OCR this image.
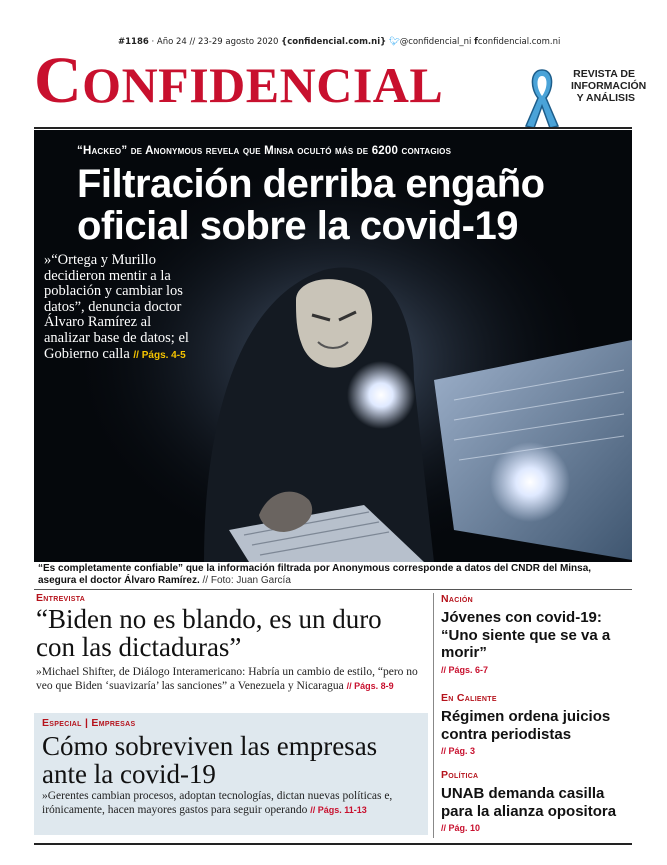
#1186 · Año 24 // 23-29 agosto 2020 {confidencial.com.ni} 🐦︎@confidencial_ni fconfidencial.com.ni
CONFIDENCIAL	REVISTA DE INFORMACIÓN Y ANÁLISIS
“Hackeo” de Anonymous revela que Minsa ocultó más de 6200 contagios
Filtración derriba engaño oficial sobre la covid-19
»“Ortega y Murillo decidieron mentir a la población y cambiar los datos”, denuncia doctor Álvaro Ramírez al analizar base de datos; el Gobierno calla // Págs. 4-5
“Es completamente confiable” que la información filtrada por Anonymous corresponde a datos del CNDR del Minsa, asegura el doctor Álvaro Ramírez. // Foto: Juan García
Entrevista
“Biden no es blando, es un duro con las dictaduras”
»Michael Shifter, de Diálogo Interamericano: Habría un cambio de estilo, “pero no veo que Biden ‘suavizaría’ las sanciones” a Venezuela y Nicaragua // Págs. 8-9
Especial | Empresas
Cómo sobreviven las empresas ante la covid-19
»Gerentes cambian procesos, adoptan tecnologías, dictan nuevas políticas e, irónicamente, hacen mayores gastos para seguir operando // Págs. 11-13
Nación
Jóvenes con covid-19: “Uno siente que se va a morir”
// Págs. 6-7
En Caliente
Régimen ordena juicios contra periodistas
// Pág. 3
Política
UNAB demanda casilla para la alianza opositora
// Pág. 10
